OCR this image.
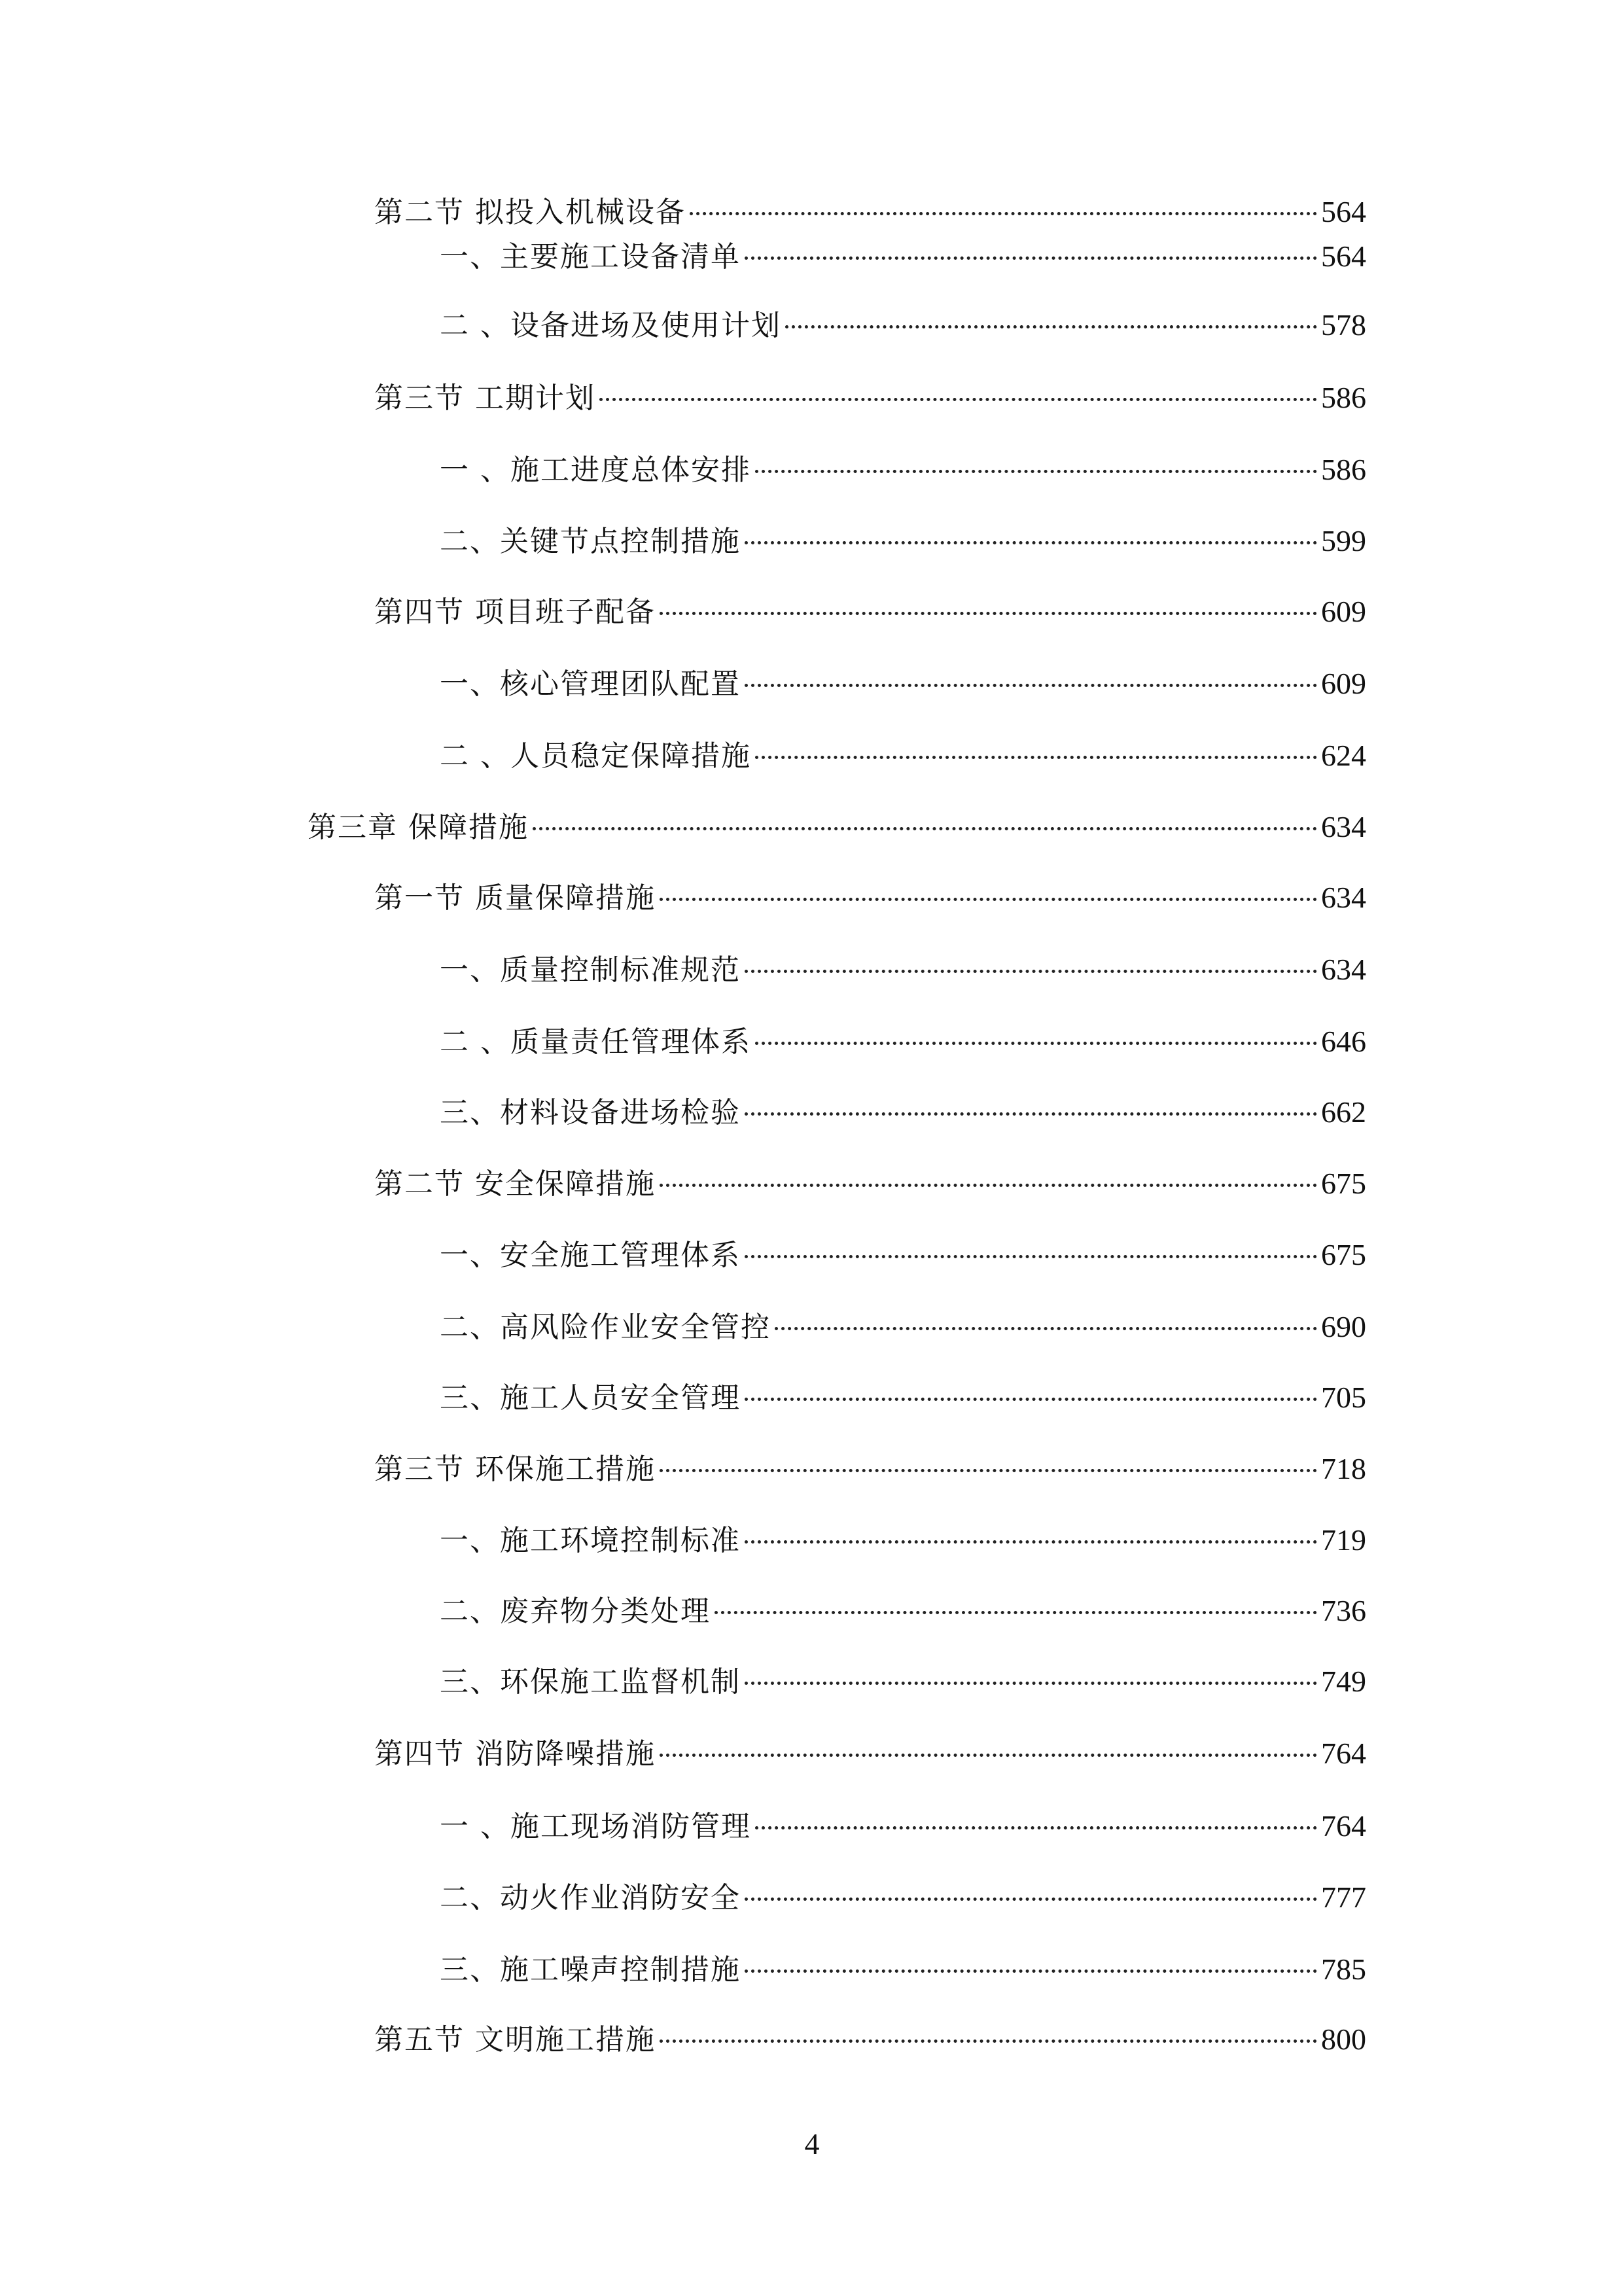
第二节 拟投入机械设备	564
一、主要施工设备清单	564
二 、设备进场及使用计划	578
第三节 工期计划	586
一 、施工进度总体安排	586
二、关键节点控制措施	599
第四节 项目班子配备	609
一、核心管理团队配置	609
二 、人员稳定保障措施	624
第三章 保障措施	634
第一节 质量保障措施	634
一、质量控制标准规范	634
二 、质量责任管理体系	646
三、材料设备进场检验	662
第二节 安全保障措施	675
一、安全施工管理体系	675
二、高风险作业安全管控	690
三、施工人员安全管理	705
第三节 环保施工措施	718
一、施工环境控制标准	719
二、废弃物分类处理	736
三、环保施工监督机制	749
第四节 消防降噪措施	764
一 、施工现场消防管理	764
二、动火作业消防安全	777
三、施工噪声控制措施	785
第五节 文明施工措施	800
4
